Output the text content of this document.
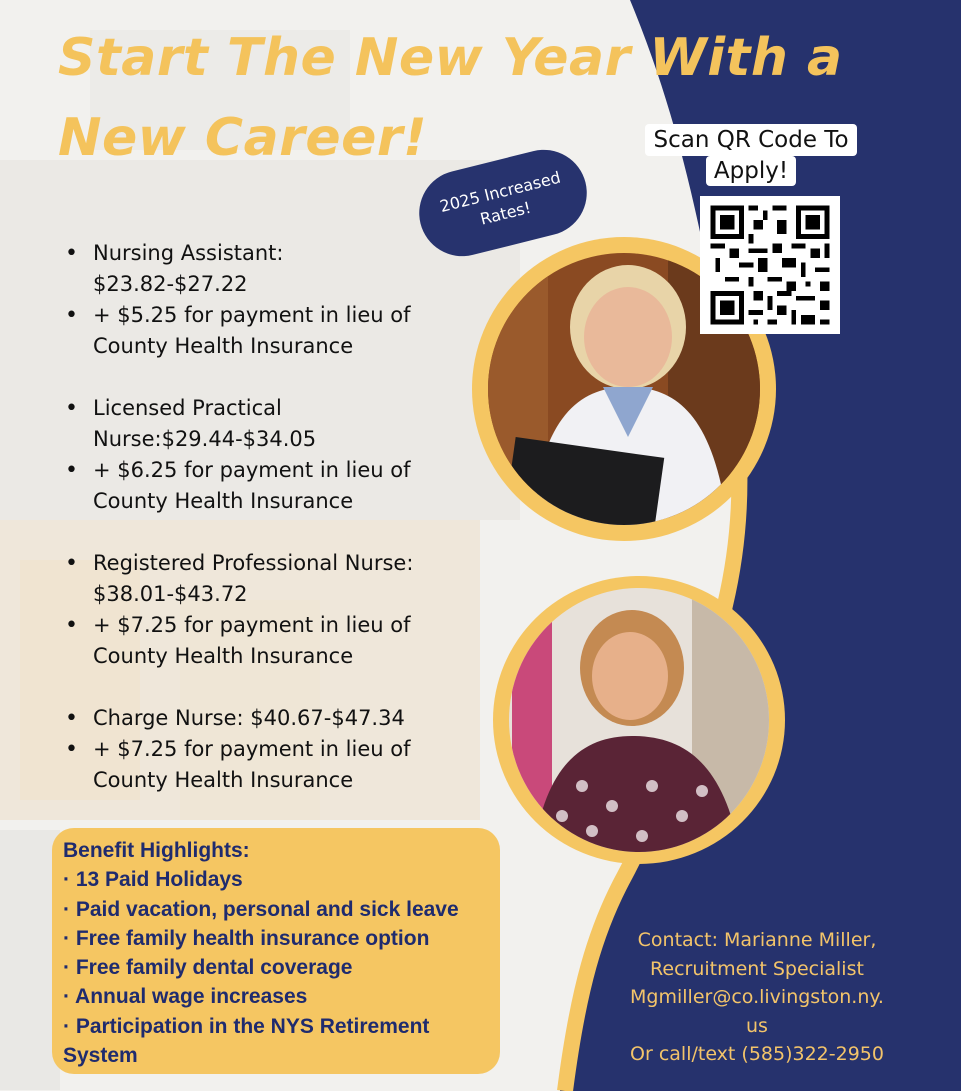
Start The New Year With a
New Career!
2025 Increased Rates!
Scan QR Code To
Apply!
• Nursing Assistant:
$23.82-$27.22
• + $5.25 for payment in lieu of
County Health Insurance
• Licensed Practical
Nurse:$29.44-$34.05
• + $6.25 for payment in lieu of
County Health Insurance
• Registered Professional Nurse:
$38.01-$43.72
• + $7.25 for payment in lieu of
County Health Insurance
• Charge Nurse: $40.67-$47.34
• + $7.25 for payment in lieu of
County Health Insurance
Benefit Highlights:
· 13 Paid Holidays
· Paid vacation, personal and sick leave
· Free family health insurance option
· Free family dental coverage
· Annual wage increases
· Participation in the NYS Retirement
System
Contact: Marianne Miller,
Recruitment Specialist
Mgmiller@co.livingston.ny.
us
Or call/text (585)322-2950
